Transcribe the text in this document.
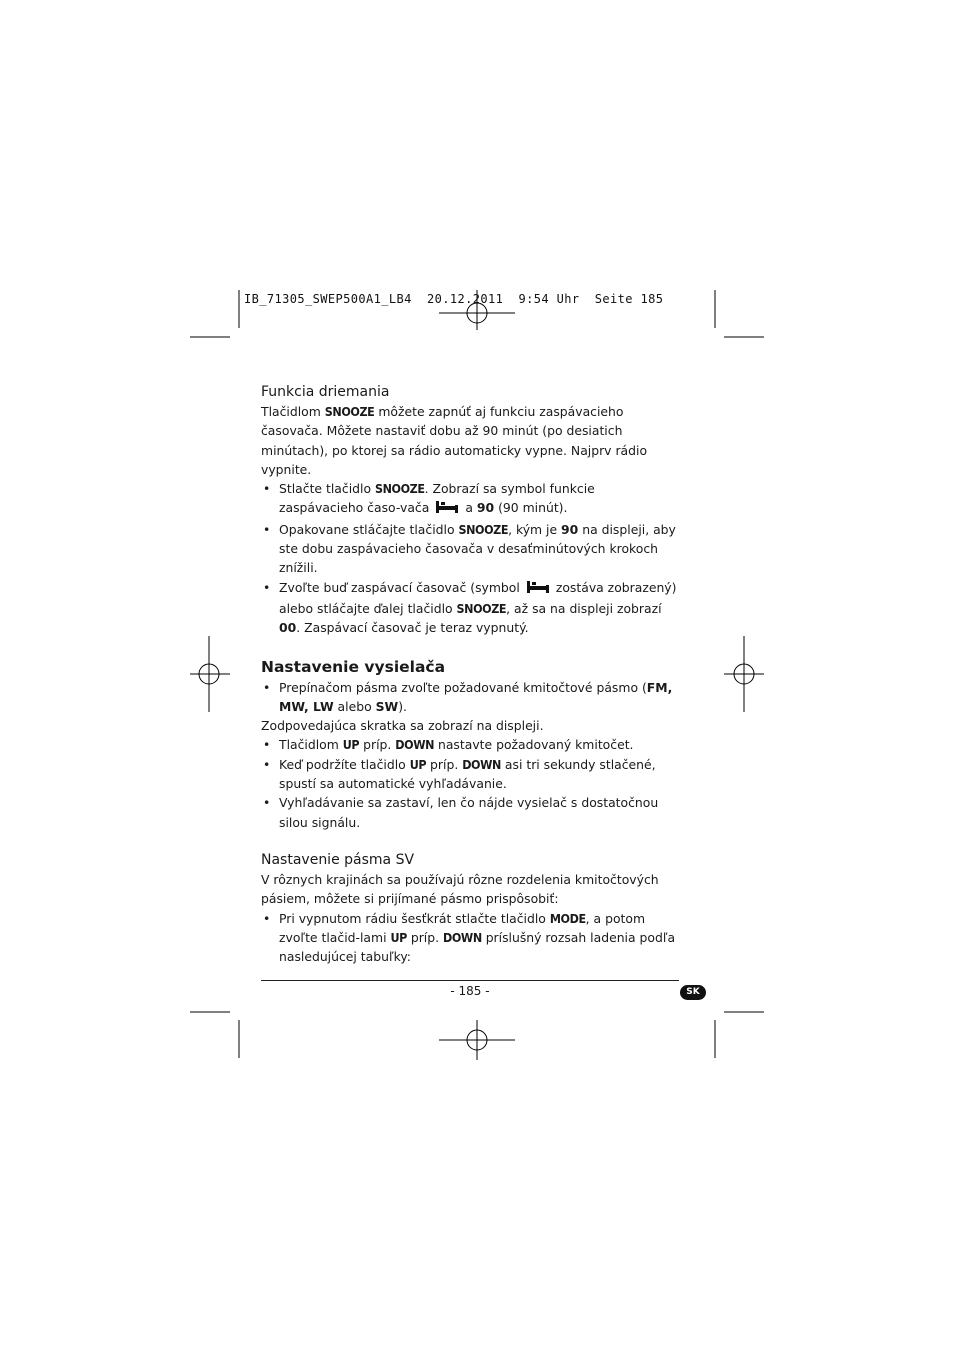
IB_71305_SWEP500A1_LB4  20.12.2011  9:54 Uhr  Seite 185
Funkcia driemania

Tlačidlom SNOOZE môžete zapnúť aj funkciu zaspávacieho časovača. Môžete nastaviť dobu až 90 minút (po desiatich minútach), po ktorej sa rádio automaticky vypne. Najprv rádio vypnite.

• Stlačte tlačidlo SNOOZE. Zobrazí sa symbol funkcie zaspávacieho časo-vača	a 90 (90 minút).
• Opakovane stláčajte tlačidlo SNOOZE, kým je 90 na displeji, aby ste dobu zaspávacieho časovača v desaťminútových krokoch znížili.
• Zvoľte buď zaspávací časovač (symbol	zostáva zobrazený) alebo stláčajte ďalej tlačidlo SNOOZE, až sa na displeji zobrazí 00. Zaspávací časovač je teraz vypnutý.
Nastavenie vysielača
• Prepínačom pásma zvoľte požadované kmitočtové pásmo (FM, MW, LW alebo SW).

Zodpovedajúca skratka sa zobrazí na displeji.

• Tlačidlom UP príp. DOWN nastavte požadovaný kmitočet.
• Keď podržíte tlačidlo UP príp. DOWN asi tri sekundy stlačené, spustí sa automatické vyhľadávanie.
• Vyhľadávanie sa zastaví, len čo nájde vysielač s dostatočnou silou signálu.
Nastavenie pásma SV

V rôznych krajinách sa používajú rôzne rozdelenia kmitočtových pásiem, môžete si prijímané pásmo prispôsobiť:

• Pri vypnutom rádiu šesťkrát stlačte tlačidlo MODE, a potom zvoľte tlačid-lami UP príp. DOWN príslušný rozsah ladenia podľa nasledujúcej tabuľky:
- 185 -	SK
